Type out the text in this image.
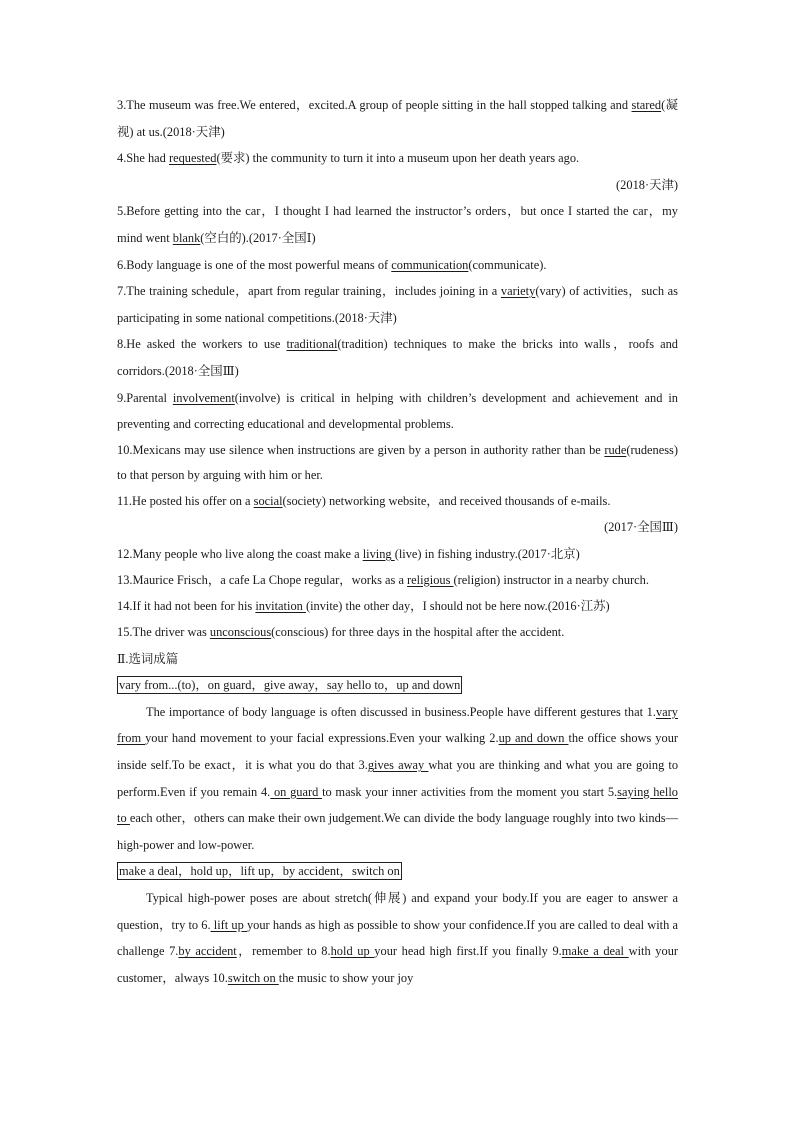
3.The museum was free.We entered，excited.A group of people sitting in the hall stopped talking and stared(凝视) at us.(2018·天津)

4.She had requested(要求) the community to turn it into a museum upon her death years ago.

(2018·天津)

5.Before getting into the car，I thought I had learned the instructor’s orders，but once I started the car，my mind went blank(空白的).(2017·全国Ⅰ)

6.Body language is one of the most powerful means of communication(communicate).

7.The training schedule，apart from regular training，includes joining in a variety(vary) of activities，such as participating in some national competitions.(2018·天津)

8.He asked the workers to use traditional(tradition) techniques to make the bricks into walls，roofs and corridors.(2018·全国Ⅲ)

9.Parental involvement(involve) is critical in helping with children’s development and achievement and in preventing and correcting educational and developmental problems.

10.Mexicans may use silence when instructions are given by a person in authority rather than be rude(rudeness) to that person by arguing with him or her.

11.He posted his offer on a social(society) networking website，and received thousands of e-mails.

(2017·全国Ⅲ)

12.Many people who live along the coast make a living (live) in fishing industry.(2017·北京)

13.Maurice Frisch，a cafe La Chope regular，works as a religious (religion) instructor in a nearby church.

14.If it had not been for his invitation (invite) the other day，I should not be here now.(2016·江苏)

15.The driver was unconscious(conscious) for three days in the hospital after the accident.

Ⅱ.选词成篇

vary from...(to)，on guard，give away，say hello to，up and down

The importance of body language is often discussed in business.People have different gestures that 1.vary from your hand movement to your facial expressions.Even your walking 2.up and down the office shows your inside self.To be exact，it is what you do that 3.gives away what you are thinking and what you are going to perform.Even if you remain 4. on guard to mask your inner activities from the moment you start 5.saying hello to each other，others can make their own judgement.We can divide the body language roughly into two kinds—high-power and low-power.

make a deal，hold up，lift up，by accident，switch on

Typical high-power poses are about stretch(伸展) and expand your body.If you are eager to answer a question，try to 6. lift up your hands as high as possible to show your confidence.If you are called to deal with a challenge 7.by accident，remember to 8.hold up your head high first.If you finally 9.make a deal with your customer，always 10.switch on the music to show your joy
